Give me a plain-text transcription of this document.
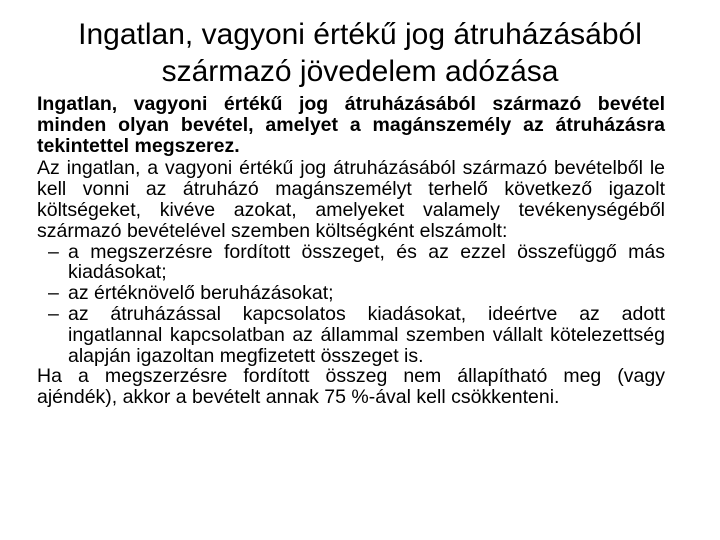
Ingatlan, vagyoni értékű jog átruházásából származó jövedelem adózása

Ingatlan, vagyoni értékű jog átruházásából származó bevétel minden olyan bevétel, amelyet a magánszemély az átruházásra tekintettel megszerez.

Az ingatlan, a vagyoni értékű jog átruházásából származó bevételből le kell vonni az átruházó magánszemélyt terhelő következő igazolt költségeket, kivéve azokat, amelyeket valamely tevékenységéből származó bevételével szemben költségként elszámolt:

– a megszerzésre fordított összeget, és az ezzel összefüggő más kiadásokat;
– az értéknövelő beruházásokat;
– az átruházással kapcsolatos kiadásokat, ideértve az adott ingatlannal kapcsolatban az állammal szemben vállalt kötelezettség alapján igazoltan megfizetett összeget is.

Ha a megszerzésre fordított összeg nem állapítható meg (vagy ajéndék), akkor a bevételt annak 75 %-ával kell csökkenteni.
